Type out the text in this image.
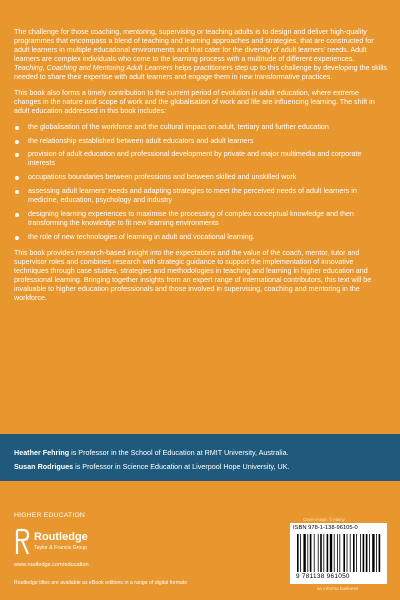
The challenge for those coaching, mentoring, supervising or teaching adults is to design and deliver high-quality programmes that encompass a blend of teaching and learning approaches and strategies, that are constructed for adult learners in multiple educational environments and that cater for the diversity of adult learners’ needs. Adult learners are complex individuals who come to the learning process with a multitude of different experiences. Teaching, Coaching and Mentoring Adult Learners helps practitioners step up to this challenge by developing the skills needed to share their expertise with adult learners and engage them in new transformative practices.

This book also forms a timely contribution to the current period of evolution in adult education, where extreme changes in the nature and scope of work and the globalisation of work and life are influencing learning. The shift in adult education addressed in this book includes:

the globalisation of the workforce and the cultural impact on adult, tertiary and further education
the relationship established between adult educators and adult learners
provision of adult education and professional development by private and major multimedia and corporate interests
occupations boundaries between professions and between skilled and unskilled work
assessing adult learners’ needs and adapting strategies to meet the perceived needs of adult learners in medicine, education, psychology and industry
designing learning experiences to maximise the processing of complex conceptual knowledge and then transforming the knowledge to fit new learning environments
the role of new technologies of learning in adult and vocational learning.

This book provides research-based insight into the expectations and the value of the coach, mentor, tutor and supervisor roles and combines research with strategic guidance to support the implementation of innovative techniques through case studies, strategies and methodologies in teaching and learning in higher education and professional learning. Bringing together insights from an expert range of international contributors, this text will be invaluable to higher education professionals and those involved in supervising, coaching and mentoring in the workforce.

Heather Fehring is Professor in the School of Education at RMIT University, Australia.
Susan Rodrigues is Professor in Science Education at Liverpool Hope University, UK.
HIGHER EDUCATION
Routledge
Taylor & Francis Group
www.routledge.com/education
Routledge titles are available as eBook editions in a range of digital formats
Cover image: © Alamy
ISBN 978-1-138-96105-0
9 781138 961050
an informa business
